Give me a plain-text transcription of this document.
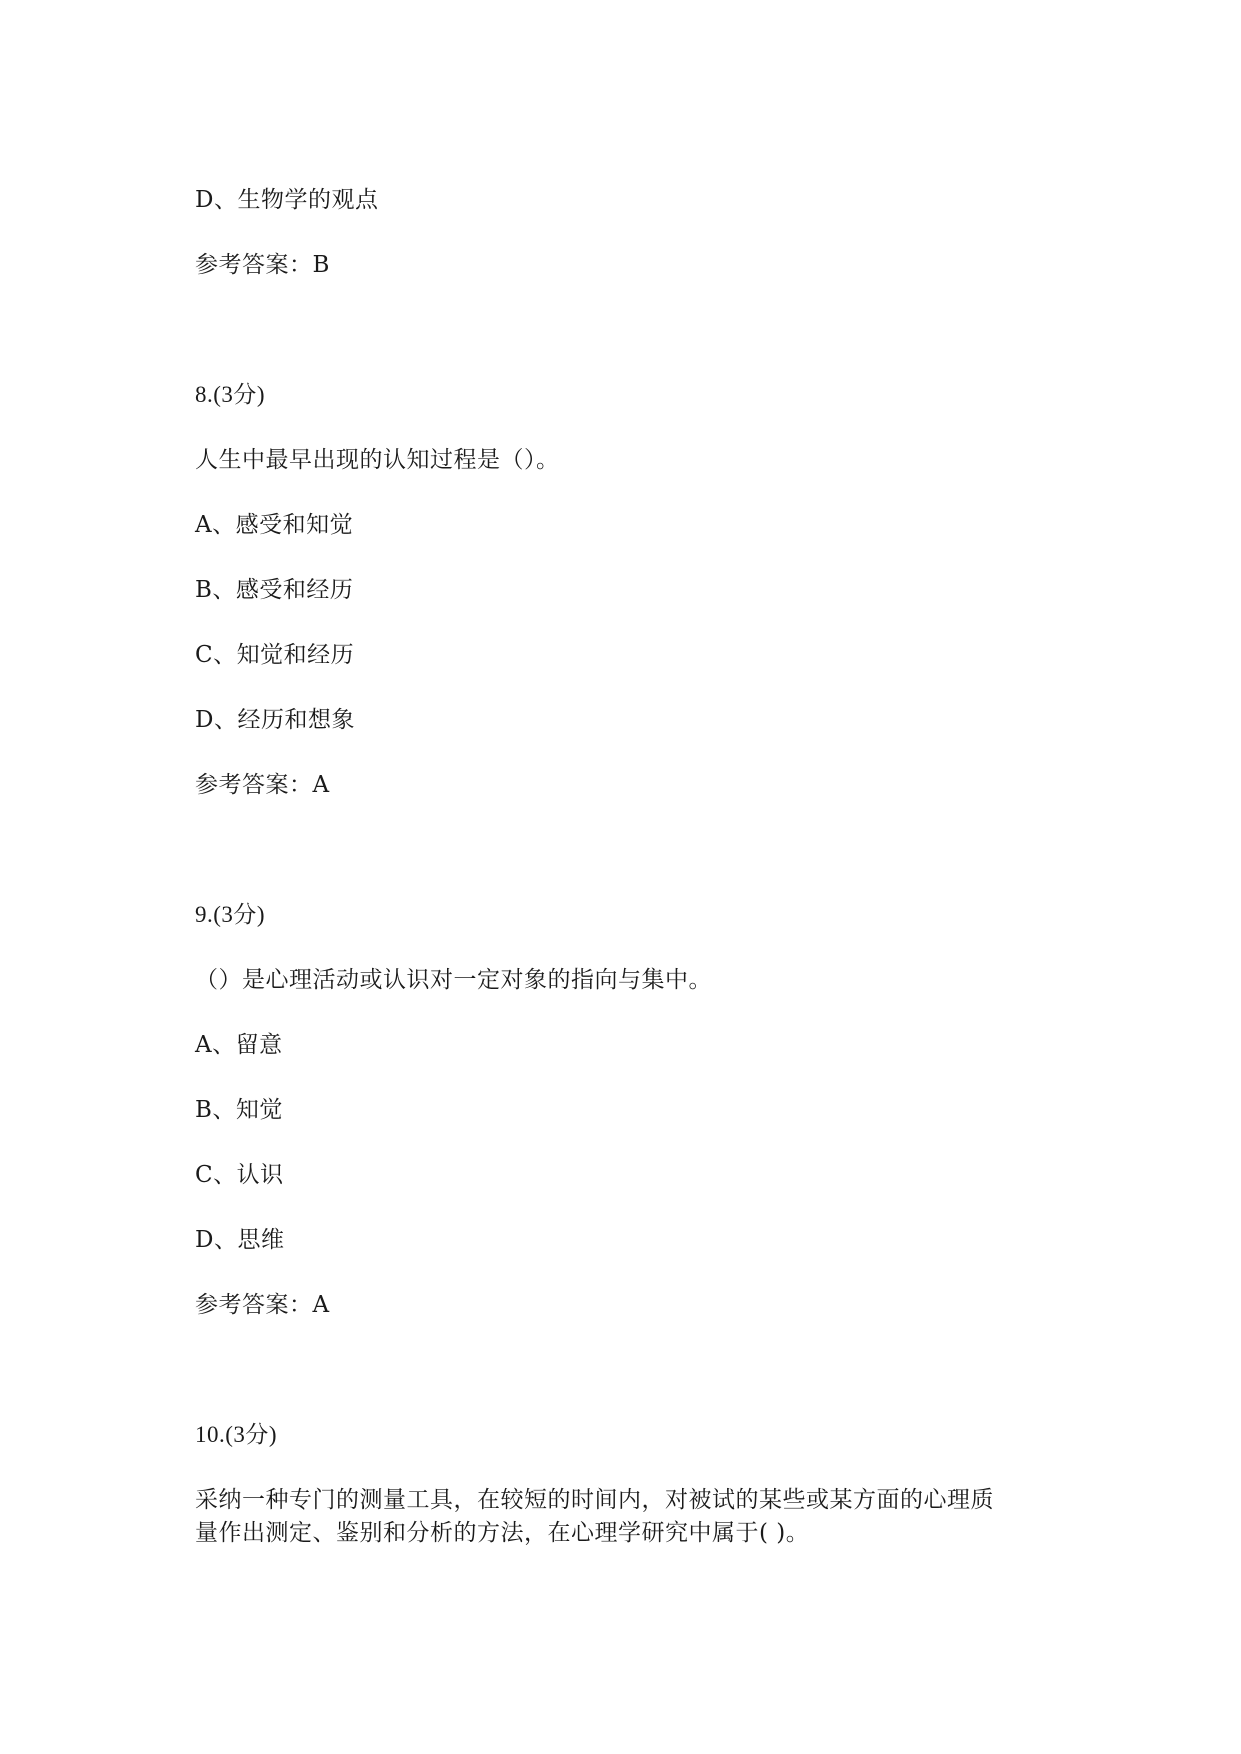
D、生物学的观点
参考答案：B
8.(3分)
人生中最早出现的认知过程是（）。
A、感受和知觉
B、感受和经历
C、知觉和经历
D、经历和想象
参考答案：A
9.(3分)
（）是心理活动或认识对一定对象的指向与集中。
A、留意
B、知觉
C、认识
D、思维
参考答案：A
10.(3分)
采纳一种专门的测量工具，在较短的时间内，对被试的某些或某方面的心理质
量作出测定、鉴别和分析的方法，在心理学研究中属于( )。
